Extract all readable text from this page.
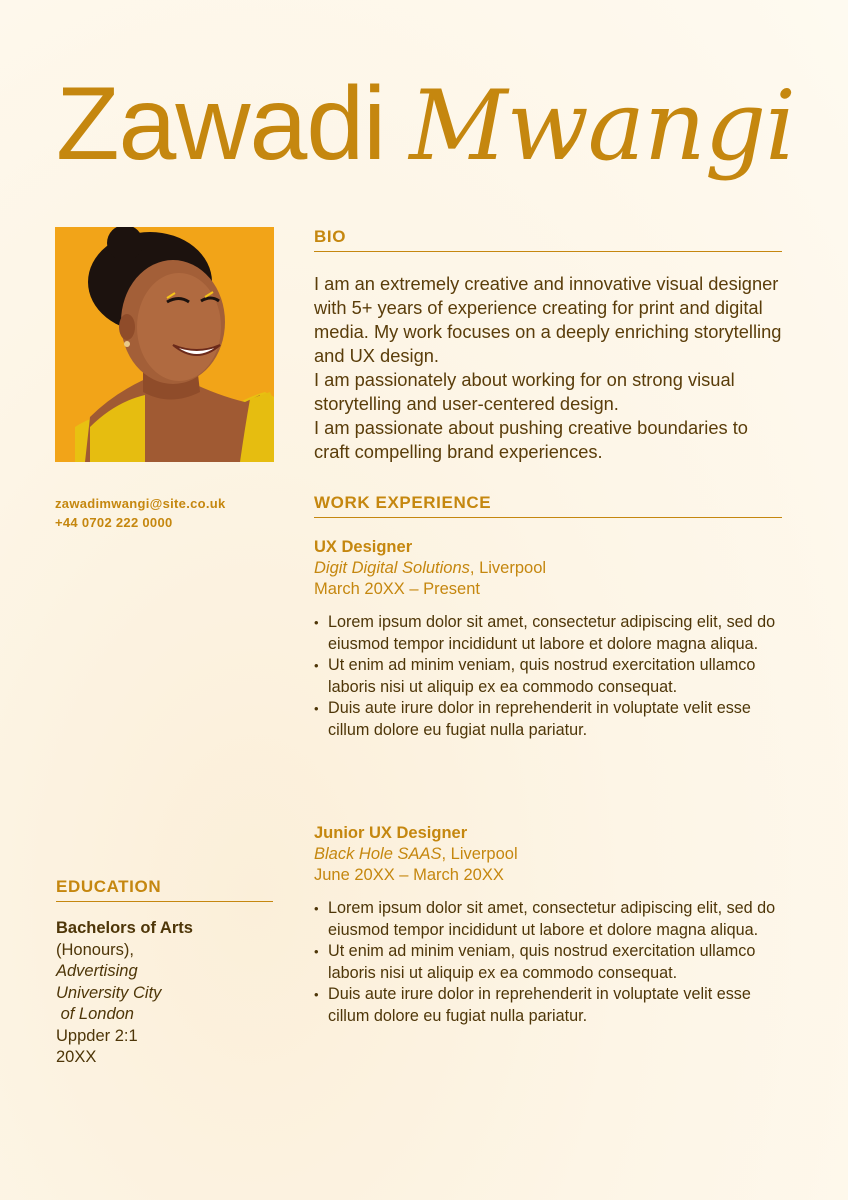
Zawadi Mwangi
zawadimwangi@site.co.uk
+44 0702 222 0000
BIO

I am an extremely creative and innovative visual designer with 5+ years of experience creating for print and digital media. My work focuses on a deeply enriching storytelling and UX design.

I am passionately about working for on strong visual storytelling and user-centered design.

I am passionate about pushing creative boundaries to craft compelling brand experiences.

WORK EXPERIENCE
UX Designer
Digit Digital Solutions, Liverpool
March 20XX – Present
• Lorem ipsum dolor sit amet, consectetur adipiscing elit, sed do eiusmod tempor incididunt ut labore et dolore magna aliqua.
• Ut enim ad minim veniam, quis nostrud exercitation ullamco laboris nisi ut aliquip ex ea commodo consequat.
• Duis aute irure dolor in reprehenderit in voluptate velit esse cillum dolore eu fugiat nulla pariatur.
Junior UX Designer
Black Hole SAAS, Liverpool
June 20XX – March 20XX
• Lorem ipsum dolor sit amet, consectetur adipiscing elit, sed do eiusmod tempor incididunt ut labore et dolore magna aliqua.
• Ut enim ad minim veniam, quis nostrud exercitation ullamco laboris nisi ut aliquip ex ea commodo consequat.
• Duis aute irure dolor in reprehenderit in voluptate velit esse cillum dolore eu fugiat nulla pariatur.
EDUCATION
Bachelors of Arts
(Honours),
Advertising
University City
of London
Uppder 2:1
20XX
